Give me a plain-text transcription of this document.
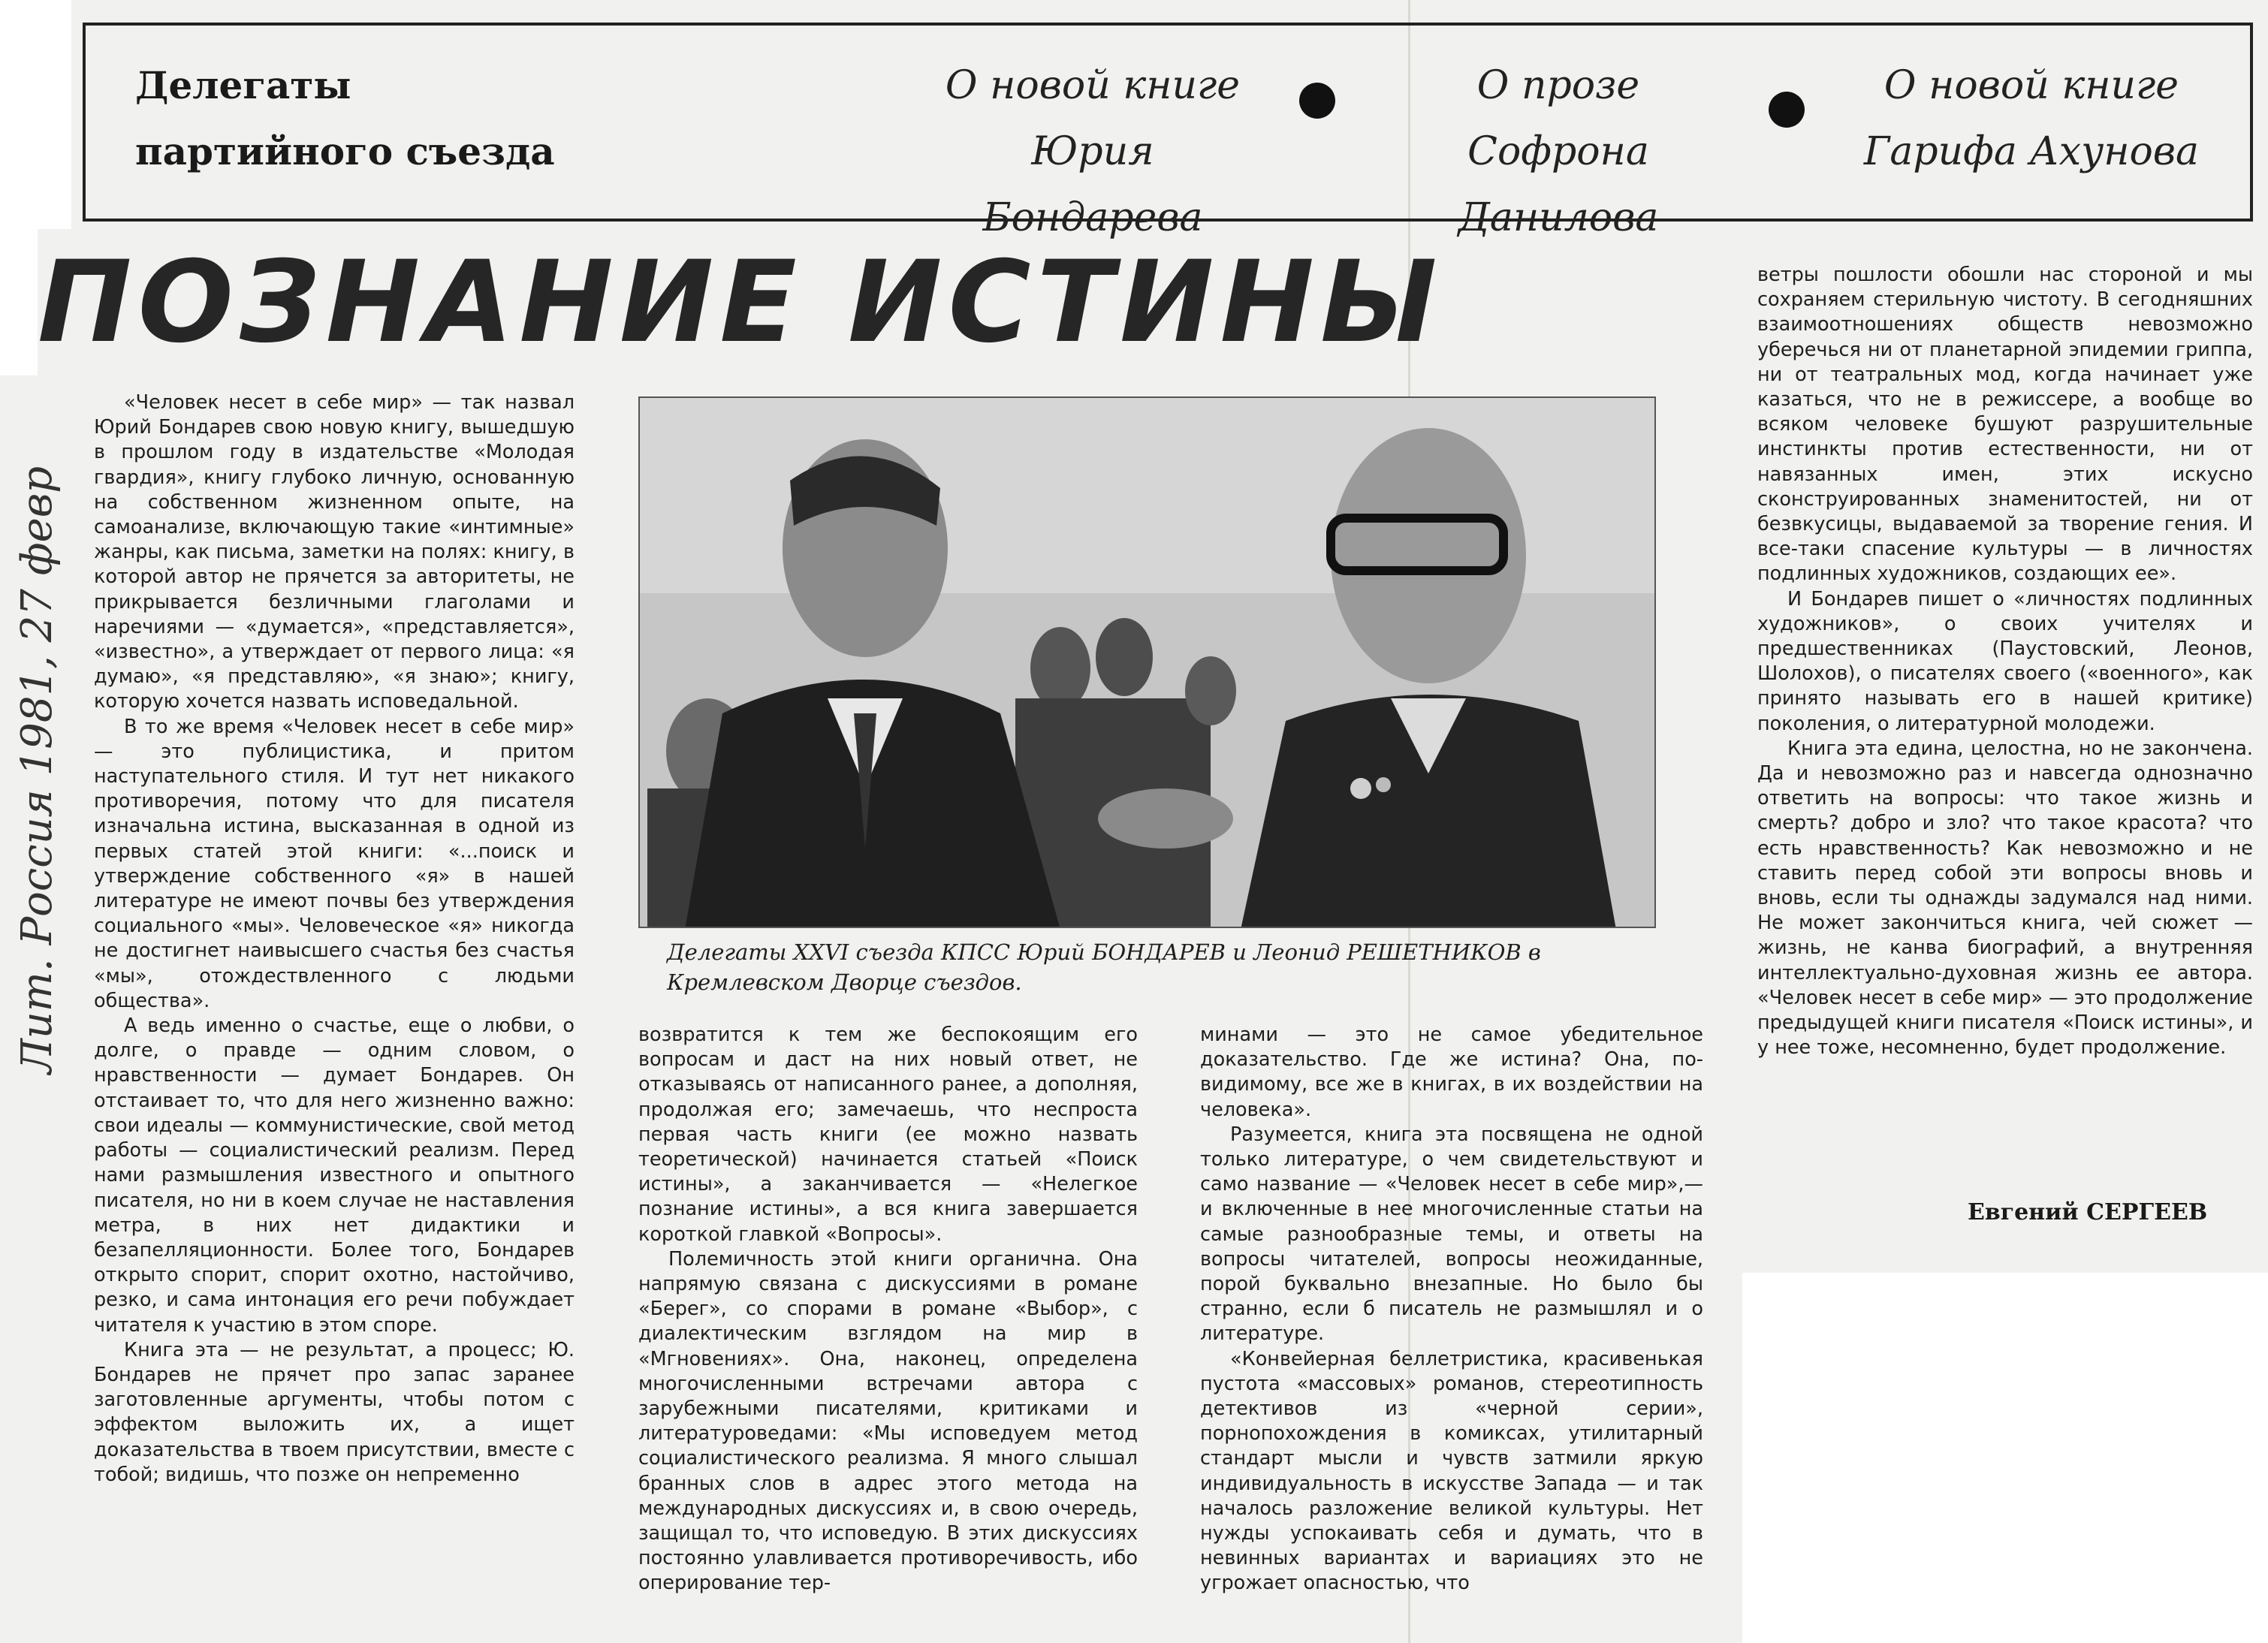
Делегаты
партийного съезда
О новой книге
Юрия Бондарева
О прозе
Софрона Данилова
О новой книге
Гарифа Ахунова
ПОЗНАНИЕ ИСТИНЫ
Лит. Россия 1981, 27 февр

«Человек несет в себе мир» — так назвал Юрий Бондарев свою новую книгу, вышедшую в прошлом году в издательстве «Молодая гвардия», книгу глубоко личную, основанную на собственном жизненном опыте, на самоанализе, включающую такие «интимные» жанры, как письма, заметки на полях: книгу, в которой автор не прячется за авторитеты, не прикрывается безличными глаголами и наречиями — «думается», «представляется», «известно», а утверждает от первого лица: «я думаю», «я представляю», «я знаю»; книгу, которую хочется назвать исповедальной.

В то же время «Человек несет в себе мир» — это публицистика, и притом наступательного стиля. И тут нет никакого противоречия, потому что для писателя изначальна истина, высказанная в одной из первых статей этой книги: «...поиск и утверждение собственного «я» в нашей литературе не имеют почвы без утверждения социального «мы». Человеческое «я» никогда не достигнет наивысшего счастья без счастья «мы», отождествленного с людьми общества».

А ведь именно о счастье, еще о любви, о долге, о правде — одним словом, о нравственности — думает Бондарев. Он отстаивает то, что для него жизненно важно: свои идеалы — коммунистические, свой метод работы — социалистический реализм. Перед нами размышления известного и опытного писателя, но ни в коем случае не наставления метра, в них нет дидактики и безапелляционности. Более того, Бондарев открыто спорит, спорит охотно, настойчиво, резко, и сама интонация его речи побуждает читателя к участию в этом споре.

Книга эта — не результат, а процесс; Ю. Бондарев не прячет про запас заранее заготовленные аргументы, чтобы потом с эффектом выложить их, а ищет доказательства в твоем присутствии, вместе с тобой; видишь, что позже он непременно

Делегаты XXVI съезда КПСС Юрий БОНДАРЕВ и Леонид РЕШЕТНИКОВ в Кремлевском Дворце съездов.

возвратится к тем же беспокоящим его вопросам и даст на них новый ответ, не отказываясь от написанного ранее, а дополняя, продолжая его; замечаешь, что неспроста первая часть книги (ее можно назвать теоретической) начинается статьей «Поиск истины», а заканчивается — «Нелегкое познание истины», а вся книга завершается короткой главкой «Вопросы».

Полемичность этой книги органична. Она напрямую связана с дискуссиями в романе «Берег», со спорами в романе «Выбор», с диалектическим взглядом на мир в «Мгновениях». Она, наконец, определена многочисленными встречами автора с зарубежными писателями, критиками и литературоведами: «Мы исповедуем метод социалистического реализма. Я много слышал бранных слов в адрес этого метода на международных дискуссиях и, в свою очередь, защищал то, что исповедую. В этих дискуссиях постоянно улавливается противоречивость, ибо оперирование тер-

минами — это не самое убедительное доказательство. Где же истина? Она, по-видимому, все же в книгах, в их воздействии на человека».

Разумеется, книга эта посвящена не одной только литературе, о чем свидетельствуют и само название — «Человек несет в себе мир»,— и включенные в нее многочисленные статьи на самые разнообразные темы, и ответы на вопросы читателей, вопросы неожиданные, порой буквально внезапные. Но было бы странно, если б писатель не размышлял и о литературе.

«Конвейерная беллетристика, красивенькая пустота «массовых» романов, стереотипность детективов из «черной серии», порнопохождения в комиксах, утилитарный стандарт мысли и чувств затмили яркую индивидуальность в искусстве Запада — и так началось разложение великой культуры. Нет нужды успокаивать себя и думать, что в невинных вариантах и вариациях это не угрожает опасностью, что

ветры пошлости обошли нас стороной и мы сохраняем стерильную чистоту. В сегодняшних взаимоотношениях обществ невозможно уберечься ни от планетарной эпидемии гриппа, ни от театральных мод, когда начинает уже казаться, что не в режиссере, а вообще во всяком человеке бушуют разрушительные инстинкты против естественности, ни от навязанных имен, этих искусно сконструированных знаменитостей, ни от безвкусицы, выдаваемой за творение гения. И все-таки спасение культуры — в личностях подлинных художников, создающих ее».

И Бондарев пишет о «личностях подлинных художников», о своих учителях и предшественниках (Паустовский, Леонов, Шолохов), о писателях своего («военного», как принято называть его в нашей критике) поколения, о литературной молодежи.

Книга эта едина, целостна, но не закончена. Да и невозможно раз и навсегда однозначно ответить на вопросы: что такое жизнь и смерть? добро и зло? что такое красота? что есть нравственность? Как невозможно и не ставить перед собой эти вопросы вновь и вновь, если ты однажды задумался над ними. Не может закончиться книга, чей сюжет — жизнь, не канва биографий, а внутренняя интеллектуально-духовная жизнь ее автора. «Человек несет в себе мир» — это продолжение предыдущей книги писателя «Поиск истины», и у нее тоже, несомненно, будет продолжение.

Евгений СЕРГЕЕВ
